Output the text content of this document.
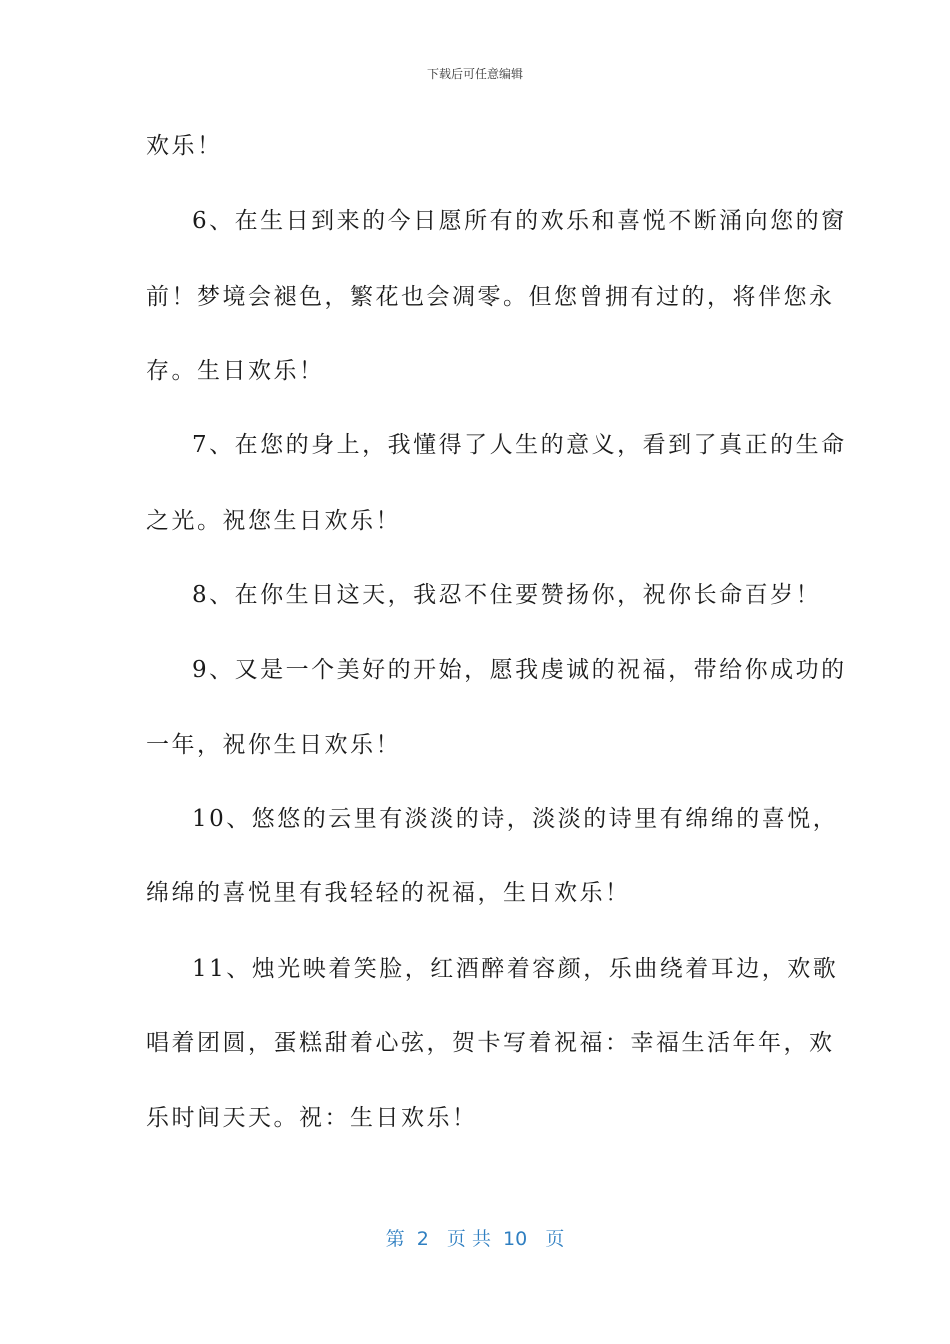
下载后可任意编辑
欢乐！
6、在生日到来的今日愿所有的欢乐和喜悦不断涌向您的窗
前！梦境会褪色，繁花也会凋零。但您曾拥有过的，将伴您永
存。生日欢乐！
7、在您的身上，我懂得了人生的意义，看到了真正的生命
之光。祝您生日欢乐！
8、在你生日这天，我忍不住要赞扬你，祝你长命百岁！
9、又是一个美好的开始，愿我虔诚的祝福，带给你成功的
一年，祝你生日欢乐！
10、悠悠的云里有淡淡的诗，淡淡的诗里有绵绵的喜悦，
绵绵的喜悦里有我轻轻的祝福，生日欢乐！
11、烛光映着笑脸，红酒醉着容颜，乐曲绕着耳边，欢歌
唱着团圆，蛋糕甜着心弦，贺卡写着祝福：幸福生活年年，欢
乐时间天天。祝：生日欢乐！
第  2   页 共  10   页
